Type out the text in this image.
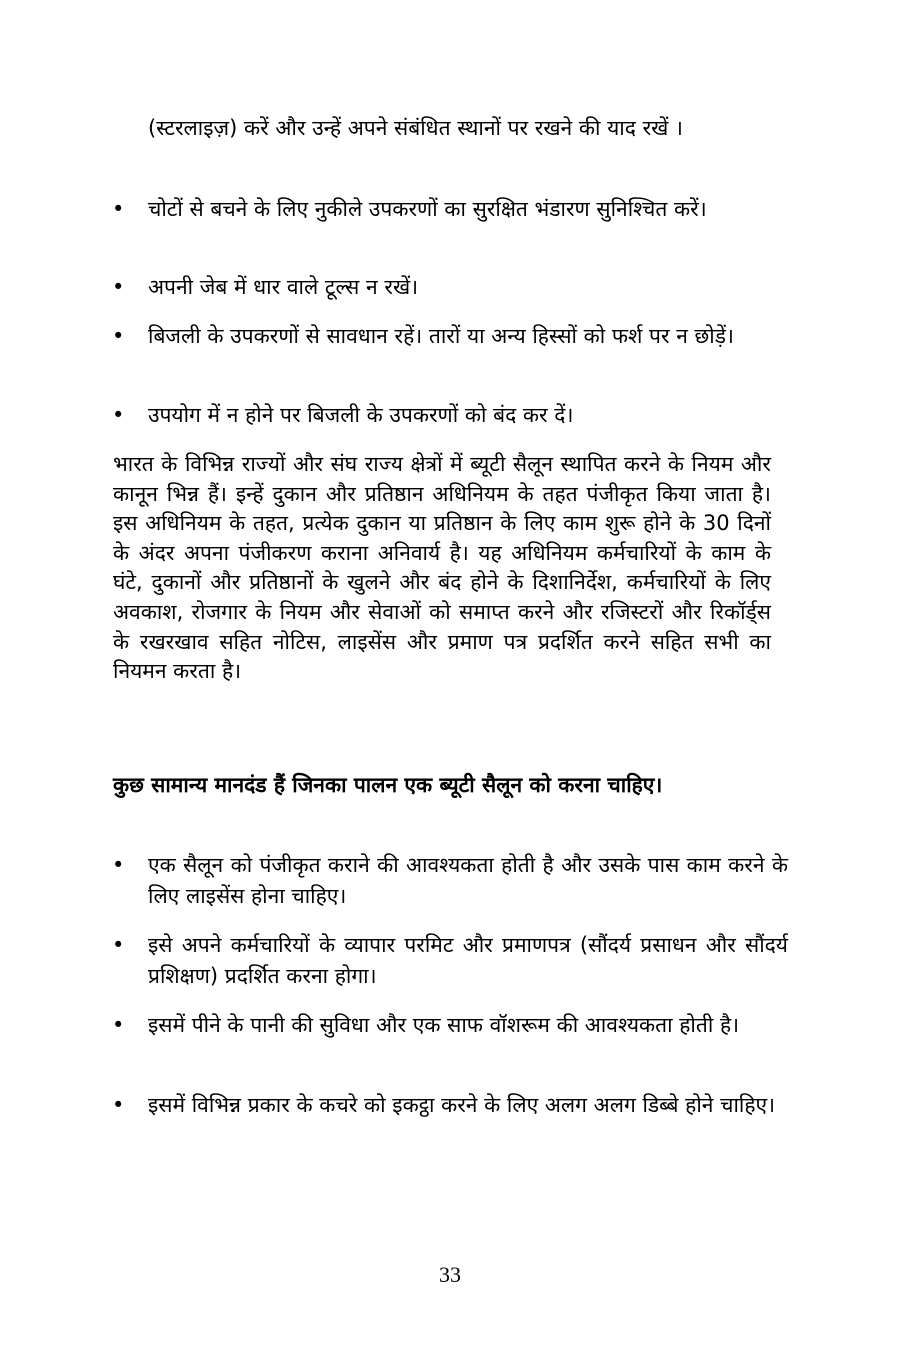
(स्टरलाइज़) करें और उन्हें अपने संबंधित स्थानों पर रखने की याद रखें ।

• चोटों से बचने के लिए नुकीले उपकरणों का सुरक्षित भंडारण सुनिश्चित करें।
• अपनी जेब में धार वाले टूल्स न रखें।
• बिजली के उपकरणों से सावधान रहें। तारों या अन्य हिस्सों को फर्श पर न छोड़ें।
• उपयोग में न होने पर बिजली के उपकरणों को बंद कर दें।

भारत के विभिन्न राज्यों और संघ राज्य क्षेत्रों में ब्यूटी सैलून स्थापित करने के नियम और कानून भिन्न हैं। इन्हें दुकान और प्रतिष्ठान अधिनियम के तहत पंजीकृत किया जाता है। इस अधिनियम के तहत, प्रत्येक दुकान या प्रतिष्ठान के लिए काम शुरू होने के 30 दिनों के अंदर अपना पंजीकरण कराना अनिवार्य है। यह अधिनियम कर्मचारियों के काम के घंटे, दुकानों और प्रतिष्ठानों के खुलने और बंद होने के दिशानिर्देश, कर्मचारियों के लिए अवकाश, रोजगार के नियम और सेवाओं को समाप्त करने और रजिस्टरों और रिकॉर्ड्स के रखरखाव सहित नोटिस, लाइसेंस और प्रमाण पत्र प्रदर्शित करने सहित सभी का नियमन करता है।

कुछ सामान्य मानदंड हैं जिनका पालन एक ब्यूटी सैलून को करना चाहिए।

• एक सैलून को पंजीकृत कराने की आवश्यकता होती है और उसके पास काम करने के लिए लाइसेंस होना चाहिए।
• इसे अपने कर्मचारियों के व्यापार परमिट और प्रमाणपत्र (सौंदर्य प्रसाधन और सौंदर्य प्रशिक्षण) प्रदर्शित करना होगा।
• इसमें पीने के पानी की सुविधा और एक साफ वॉशरूम की आवश्यकता होती है।
• इसमें विभिन्न प्रकार के कचरे को इकट्ठा करने के लिए अलग अलग डिब्बे होने चाहिए।
33
